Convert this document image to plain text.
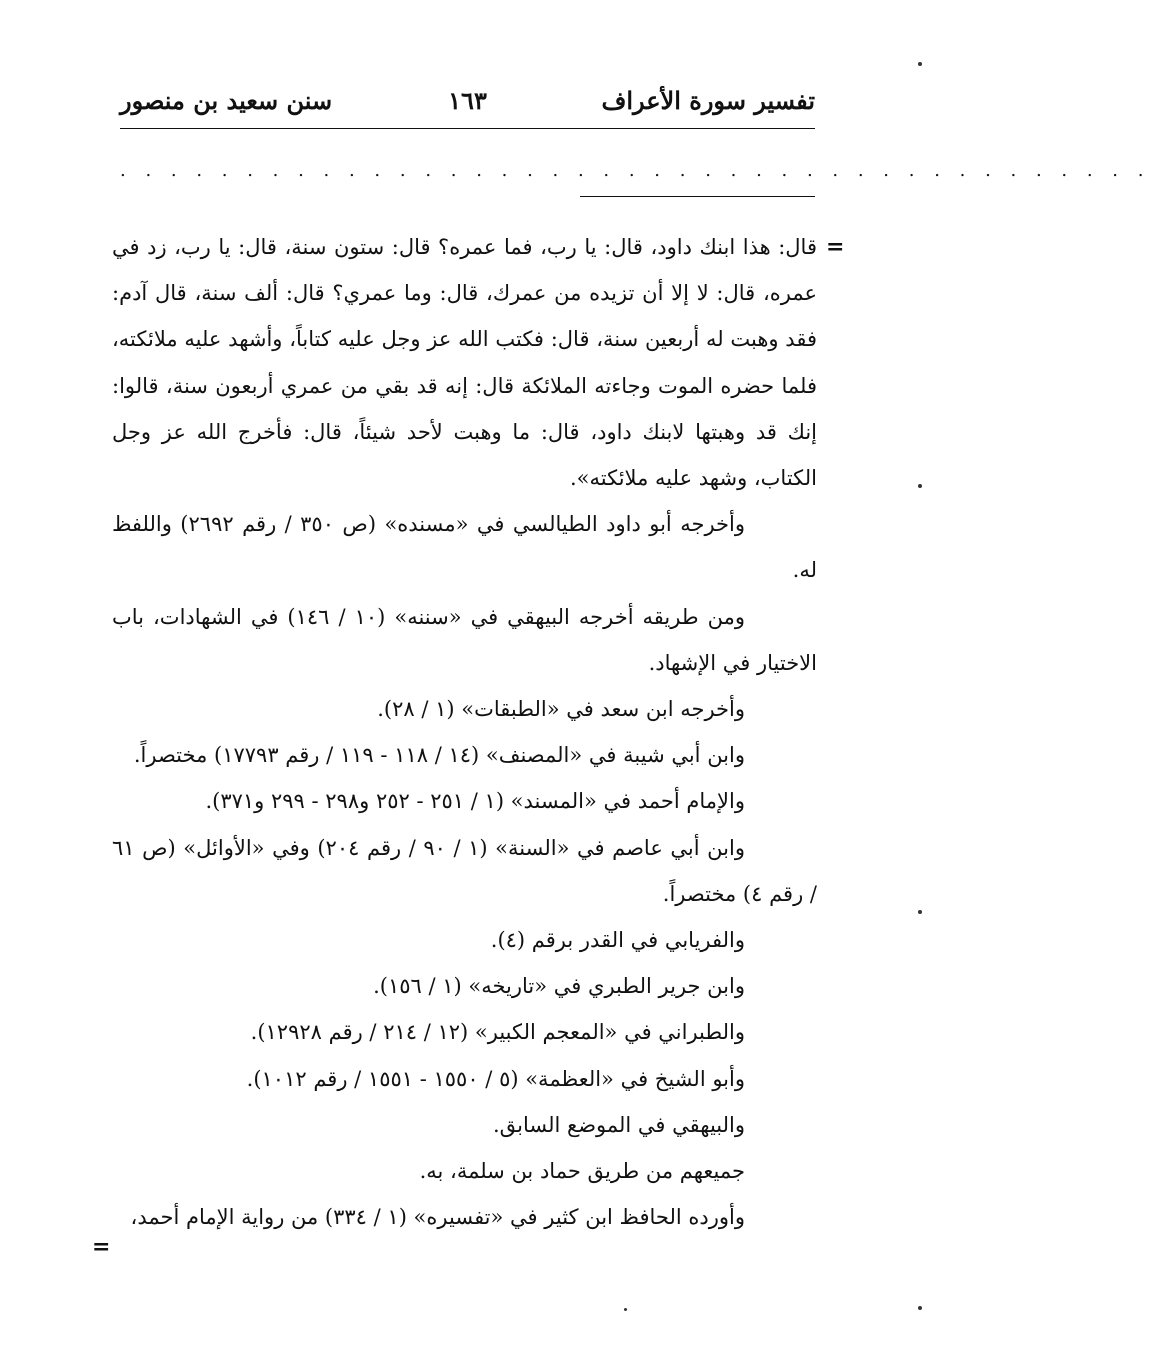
تفسير سورة الأعراف
١٦٣
سنن سعيد بن منصور
. . . . . . . . . . . . . . . . . . . . . . . . . . . . . . . . . . . . . . . . .
=

قال: هذا ابنك داود، قال: يا رب، فما عمره؟ قال: ستون سنة، قال: يا رب، زد في عمره، قال: لا إلا أن تزيده من عمرك، قال: وما عمري؟ قال: ألف سنة، قال آدم: فقد وهبت له أربعين سنة، قال: فكتب الله عز وجل عليه كتاباً، وأشهد عليه ملائكته، فلما حضره الموت وجاءته الملائكة قال: إنه قد بقي من عمري أربعون سنة، قالوا: إنك قد وهبتها لابنك داود، قال: ما وهبت لأحد شيئاً، قال: فأخرج الله عز وجل الكتاب، وشهد عليه ملائكته».

وأخرجه أبو داود الطيالسي في «مسنده» (ص ٣٥٠ / رقم ٢٦٩٢) واللفظ له.

ومن طريقه أخرجه البيهقي في «سننه» (١٠ / ١٤٦) في الشهادات، باب الاختيار في الإشهاد.

وأخرجه ابن سعد في «الطبقات» (١ / ٢٨).

وابن أبي شيبة في «المصنف» (١٤ / ١١٨ - ١١٩ / رقم ١٧٧٩٣) مختصراً.

والإمام أحمد في «المسند» (١ / ٢٥١ - ٢٥٢ و٢٩٨ - ٢٩٩ و٣٧١).

وابن أبي عاصم في «السنة» (١ / ٩٠ / رقم ٢٠٤) وفي «الأوائل» (ص ٦١ / رقم ٤) مختصراً.

والفريابي في القدر برقم (٤).

وابن جرير الطبري في «تاريخه» (١ / ١٥٦).

والطبراني في «المعجم الكبير» (١٢ / ٢١٤ / رقم ١٢٩٢٨).

وأبو الشيخ في «العظمة» (٥ / ١٥٥٠ - ١٥٥١ / رقم ١٠١٢).

والبيهقي في الموضع السابق.

جميعهم من طريق حماد بن سلمة، به.

وأورده الحافظ ابن كثير في «تفسيره» (١ / ٣٣٤) من رواية الإمام أحمد،

=
